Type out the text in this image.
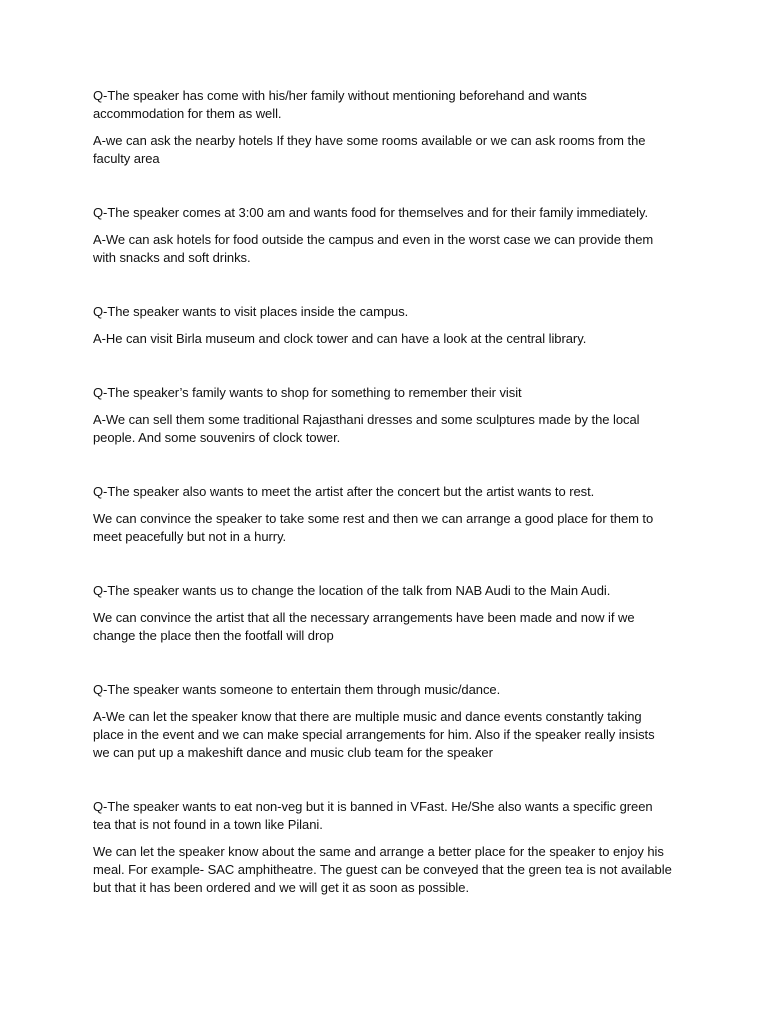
Q-The speaker has come with his/her family without mentioning beforehand and wants accommodation for them as well.

A-we can ask the nearby hotels If they have some rooms available or we can ask rooms from the faculty area

Q-The speaker comes at 3:00 am and wants food for themselves and for their family immediately.

A-We can ask hotels for food outside the campus and even in the worst case we can provide them with snacks and soft drinks.

Q-The speaker wants to visit places inside the campus.

A-He can visit Birla museum and clock tower and can have a look at the central library.

Q-The speaker’s family wants to shop for something to remember their visit

A-We can sell them some traditional Rajasthani dresses and some sculptures made by the local people. And some souvenirs of clock tower.

Q-The speaker also wants to meet the artist after the concert but the artist wants to rest.

We can convince the speaker to take some rest and then we can arrange a good place for them to meet peacefully but not in a hurry.

Q-The speaker wants us to change the location of the talk from NAB Audi to the Main Audi.

We can convince the artist that all the necessary arrangements have been made and now if we change the place then the footfall will drop

Q-The speaker wants someone to entertain them through music/dance.

A-We can let the speaker know that there are multiple music and dance events constantly taking place in the event and we can make special arrangements for him. Also if the speaker really insists we can put up a makeshift dance and music club team for the speaker

Q-The speaker wants to eat non-veg but it is banned in VFast. He/She also wants a specific green tea that is not found in a town like Pilani.

We can let the speaker know about the same and arrange a better place for the speaker to enjoy his meal. For example- SAC amphitheatre. The guest can be conveyed that the green tea is not available but that it has been ordered and we will get it as soon as possible.
